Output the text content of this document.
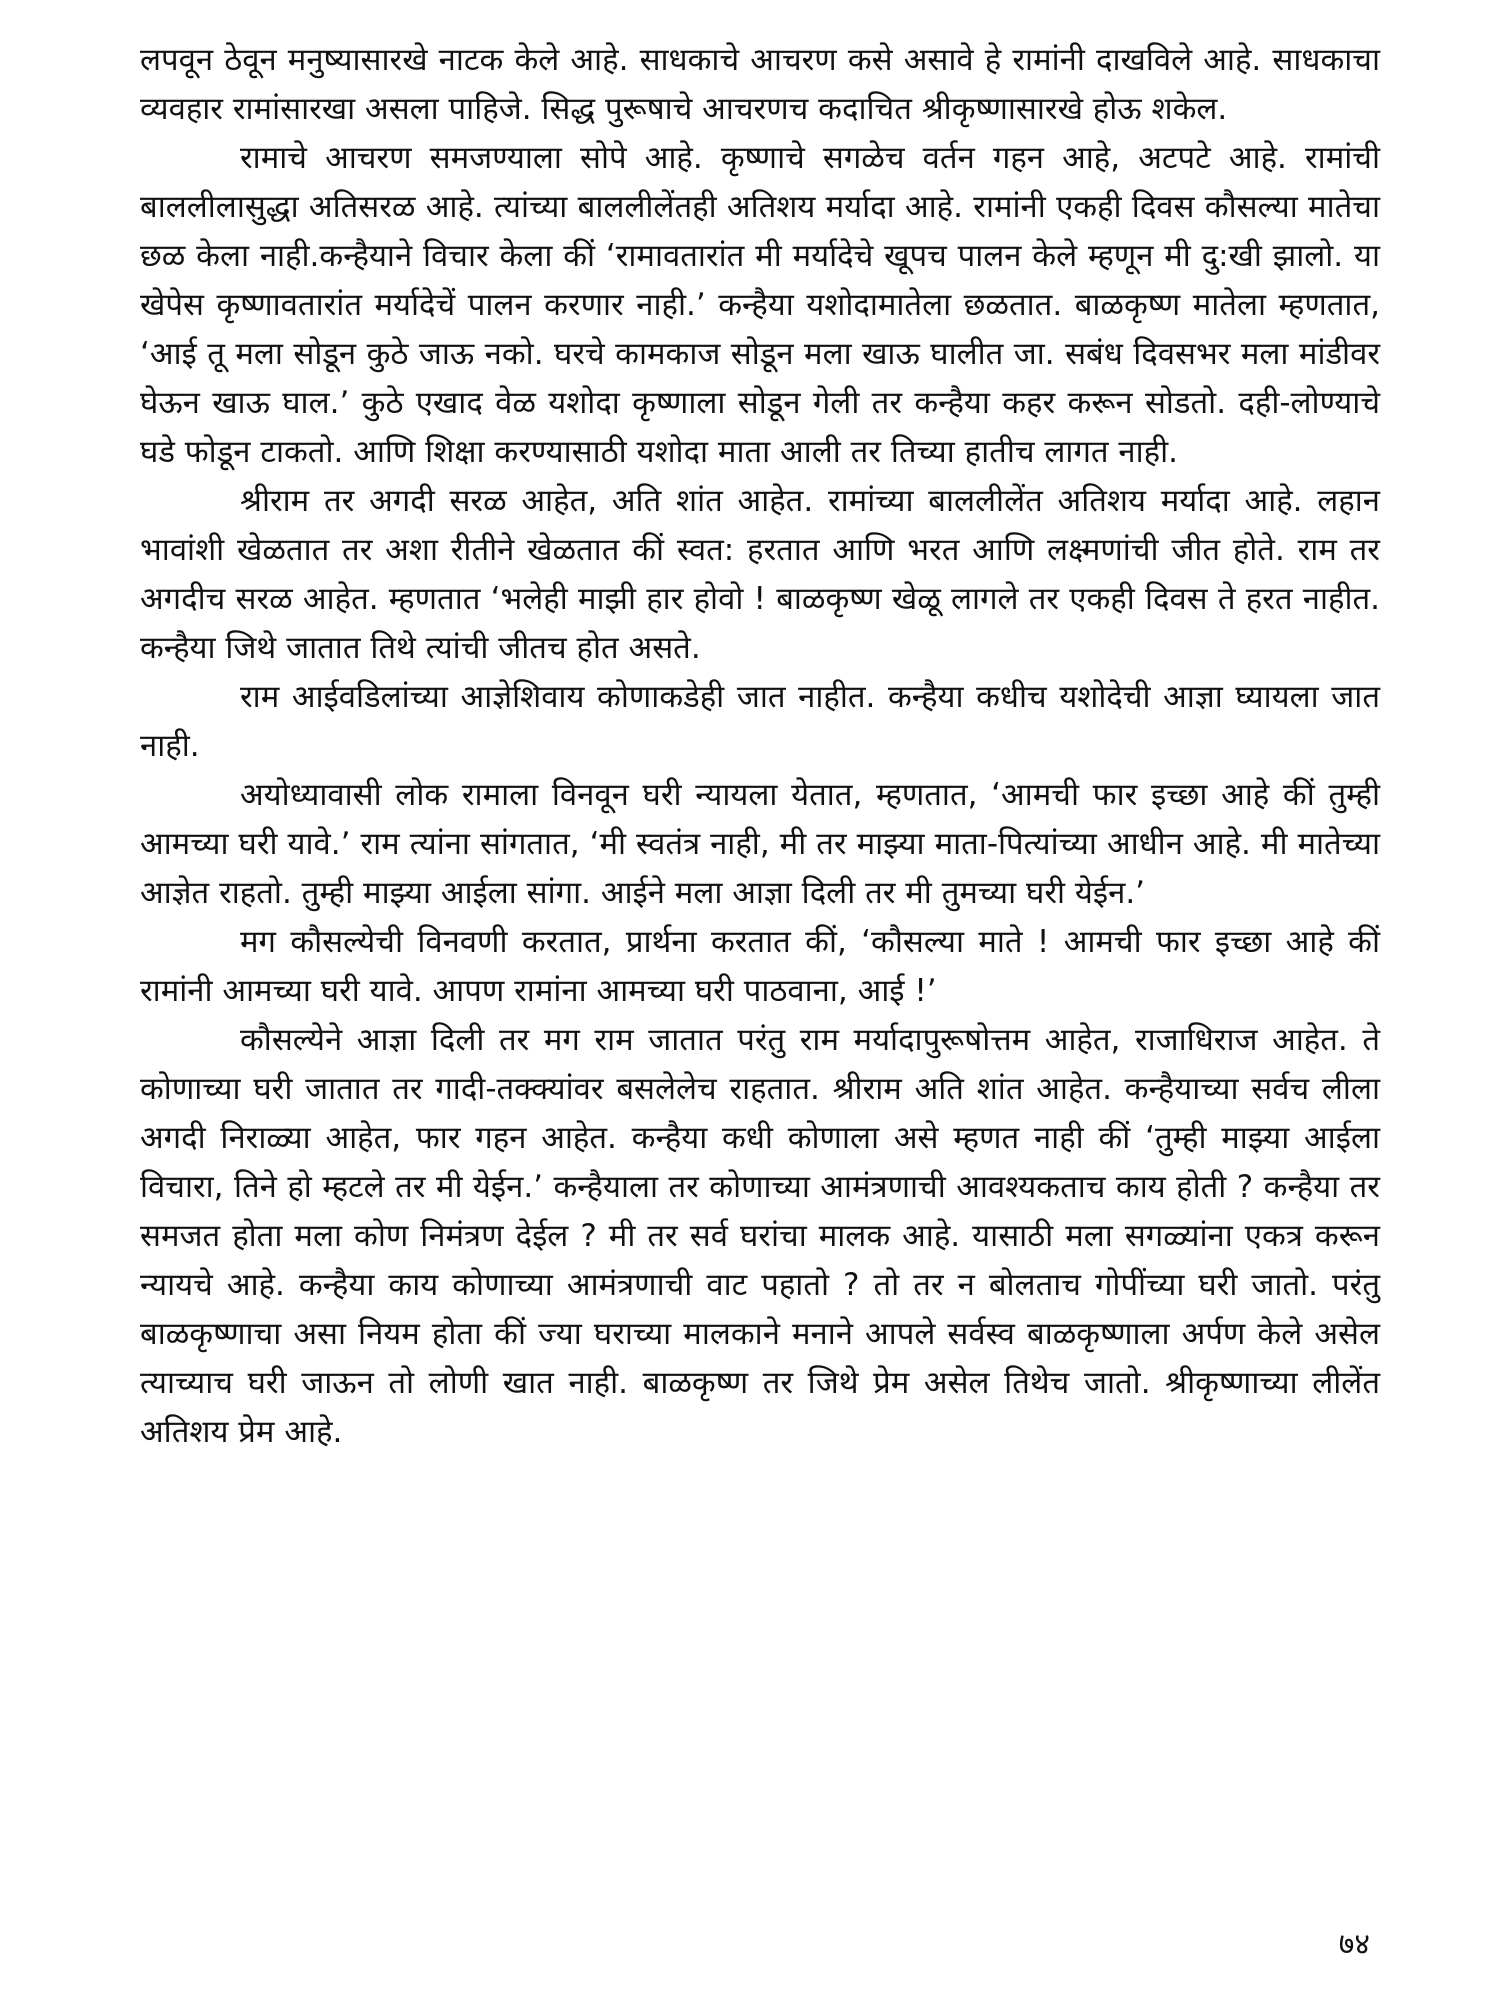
लपवून ठेवून मनुष्यासारखे नाटक केले आहे. साधकाचे आचरण कसे असावे हे रामांनी दाखविले आहे. साधकाचा व्यवहार रामांसारखा असला पाहिजे. सिद्ध पुरूषाचे आचरणच कदाचित श्रीकृष्णासारखे होऊ शकेल.

रामाचे आचरण समजण्याला सोपे आहे. कृष्णाचे सगळेच वर्तन गहन आहे, अटपटे आहे. रामांची बाललीलासुद्धा अतिसरळ आहे. त्यांच्या बाललीलेंतही अतिशय मर्यादा आहे. रामांनी एकही दिवस कौसल्या मातेचा छळ केला नाही.कन्हैयाने विचार केला कीं ‘रामावतारांत मी मर्यादेचे खूपच पालन केले म्हणून मी दु:खी झालो. या खेपेस कृष्णावतारांत मर्यादेचें पालन करणार नाही.’ कन्हैया यशोदामातेला छळतात. बाळकृष्ण मातेला म्हणतात, ‘आई तू मला सोडून कुठे जाऊ नको. घरचे कामकाज सोडून मला खाऊ घालीत जा. सबंध दिवसभर मला मांडीवर घेऊन खाऊ घाल.’ कुठे एखाद वेळ यशोदा कृष्णाला सोडून गेली तर कन्हैया कहर करून सोडतो. दही-लोण्याचे घडे फोडून टाकतो. आणि शिक्षा करण्यासाठी यशोदा माता आली तर तिच्या हातीच लागत नाही.

श्रीराम तर अगदी सरळ आहेत, अति शांत आहेत. रामांच्या बाललीलेंत अतिशय मर्यादा आहे. लहान भावांशी खेळतात तर अशा रीतीने खेळतात कीं स्वत: हरतात आणि भरत आणि लक्ष्मणांची जीत होते. राम तर अगदीच सरळ आहेत. म्हणतात ‘भलेही माझी हार होवो ! बाळकृष्ण खेळू लागले तर एकही दिवस ते हरत नाहीत. कन्हैया जिथे जातात तिथे त्यांची जीतच होत असते.

राम आईवडिलांच्या आज्ञेशिवाय कोणाकडेही जात नाहीत. कन्हैया कधीच यशोदेची आज्ञा घ्यायला जात नाही.

अयोध्यावासी लोक रामाला विनवून घरी न्यायला येतात, म्हणतात, ‘आमची फार इच्छा आहे कीं तुम्ही आमच्या घरी यावे.’ राम त्यांना सांगतात, ‘मी स्वतंत्र नाही, मी तर माझ्या माता-पित्यांच्या आधीन आहे. मी मातेच्या आज्ञेत राहतो. तुम्ही माझ्या आईला सांगा. आईने मला आज्ञा दिली तर मी तुमच्या घरी येईन.’

मग कौसल्येची विनवणी करतात, प्रार्थना करतात कीं, ‘कौसल्या माते ! आमची फार इच्छा आहे कीं रामांनी आमच्या घरी यावे. आपण रामांना आमच्या घरी पाठवाना, आई !’

कौसल्येने आज्ञा दिली तर मग राम जातात परंतु राम मर्यादापुरूषोत्तम आहेत, राजाधिराज आहेत. ते कोणाच्या घरी जातात तर गादी-तक्क्यांवर बसलेलेच राहतात. श्रीराम अति शांत आहेत. कन्हैयाच्या सर्वच लीला अगदी निराळ्या आहेत, फार गहन आहेत. कन्हैया कधी कोणाला असे म्हणत नाही कीं ‘तुम्ही माझ्या आईला विचारा, तिने हो म्हटले तर मी येईन.’ कन्हैयाला तर कोणाच्या आमंत्रणाची आवश्यकताच काय होती ? कन्हैया तर समजत होता मला कोण निमंत्रण देईल ? मी तर सर्व घरांचा मालक आहे. यासाठी मला सगळ्यांना एकत्र करून न्यायचे आहे. कन्हैया काय कोणाच्या आमंत्रणाची वाट पहातो ? तो तर न बोलताच गोपींच्या घरी जातो. परंतु बाळकृष्णाचा असा नियम होता कीं ज्या घराच्या मालकाने मनाने आपले सर्वस्व बाळकृष्णाला अर्पण केले असेल त्याच्याच घरी जाऊन तो लोणी खात नाही. बाळकृष्ण तर जिथे प्रेम असेल तिथेच जातो. श्रीकृष्णाच्या लीलेंत अतिशय प्रेम आहे.

७४
